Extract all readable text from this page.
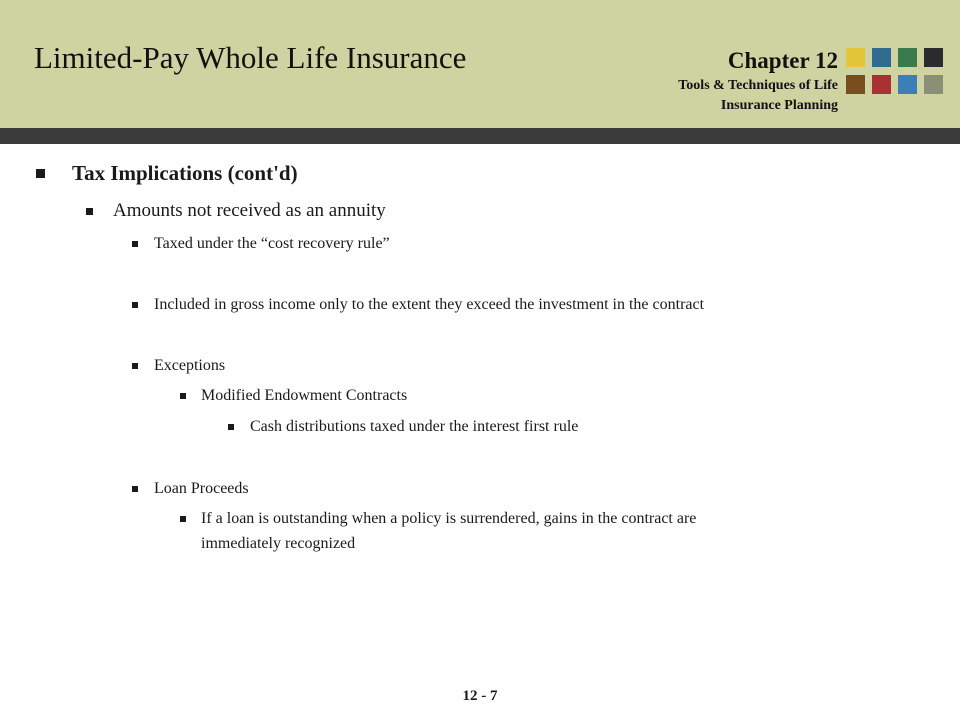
Limited-Pay Whole Life Insurance	Chapter 12
Tools & Techniques of Life
Insurance Planning
Tax Implications (cont'd)
Amounts not received as an annuity
Taxed under the “cost recovery rule”
Included in gross income only to the extent they exceed the investment in the contract
Exceptions
Modified Endowment Contracts
Cash distributions taxed under the interest first rule
Loan Proceeds
If a loan is outstanding when a policy is surrendered, gains in the contract are
immediately recognized
12 - 7
